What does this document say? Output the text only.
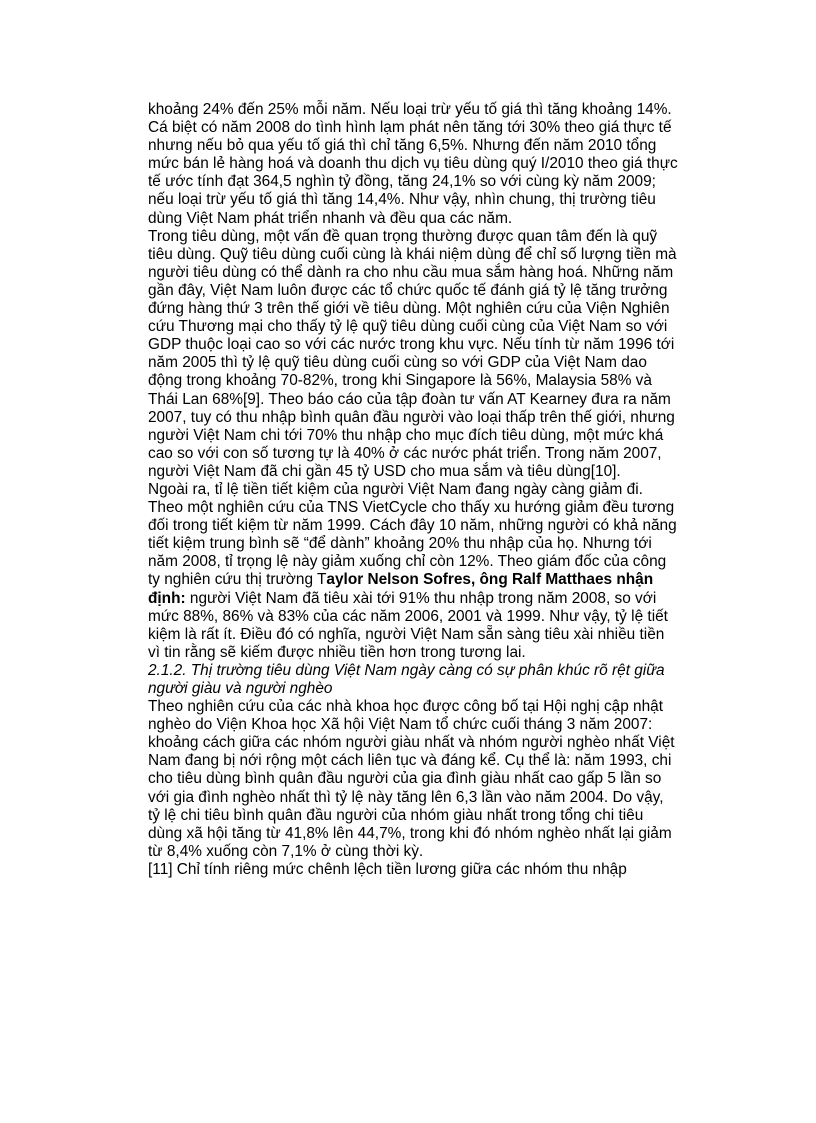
khoảng 24% đến 25% mỗi năm. Nếu loại trừ yếu tố giá thì tăng khoảng 14%. Cá biệt có năm 2008 do tình hình lạm phát nên tăng tới 30% theo giá thực tế nhưng nếu bỏ qua yếu tố giá thì chỉ tăng 6,5%. Nhưng đến năm 2010 tổng mức bán lẻ hàng hoá và doanh thu dịch vụ tiêu dùng quý I/2010 theo giá thực tế ước tính đạt 364,5 nghìn tỷ đồng, tăng 24,1% so với cùng kỳ năm 2009; nếu loại trừ yếu tố giá thì tăng 14,4%. Như vậy, nhìn chung, thị trường tiêu dùng Việt Nam phát triển nhanh và đều qua các năm.

Trong tiêu dùng, một vấn đề quan trọng thường được quan tâm đến là quỹ tiêu dùng. Quỹ tiêu dùng cuối cùng là khái niệm dùng để chỉ số lượng tiền mà người tiêu dùng có thể dành ra cho nhu cầu mua sắm hàng hoá. Những năm gần đây, Việt Nam luôn được các tổ chức quốc tế đánh giá tỷ lệ tăng trưởng đứng hàng thứ 3 trên thế giới về tiêu dùng. Một nghiên cứu của Viện Nghiên cứu Thương mại cho thấy tỷ lệ quỹ tiêu dùng cuối cùng của Việt Nam so với GDP thuộc loại cao so với các nước trong khu vực. Nếu tính từ năm 1996 tới năm 2005 thì tỷ lệ quỹ tiêu dùng cuối cùng so với GDP của Việt Nam dao động trong khoảng 70-82%, trong khi Singapore là 56%, Malaysia 58% và Thái Lan 68%[9]. Theo báo cáo của tập đoàn tư vấn AT Kearney đưa ra năm 2007, tuy có thu nhập bình quân đầu người vào loại thấp trên thế giới, nhưng người Việt Nam chi tới 70% thu nhập cho mục đích tiêu dùng, một mức khá cao so với con số tương tự là 40% ở các nước phát triển. Trong năm 2007, người Việt Nam đã chi gần 45 tỷ USD cho mua sắm và tiêu dùng[10].

Ngoài ra, tỉ lệ tiền tiết kiệm của người Việt Nam đang ngày càng giảm đi. Theo một nghiên cứu của TNS VietCycle cho thấy xu hướng giảm đều tương đối trong tiết kiệm từ năm 1999. Cách đây 10 năm, những người có khả năng tiết kiệm trung bình sẽ “để dành” khoảng 20% thu nhập của họ. Nhưng tới năm 2008, tỉ trọng lệ này giảm xuống chỉ còn 12%. Theo giám đốc của công ty nghiên cứu thị trường Taylor Nelson Sofres, ông Ralf Matthaes nhận định: người Việt Nam đã tiêu xài tới 91% thu nhập trong năm 2008, so với mức 88%, 86% và 83% của các năm 2006, 2001 và 1999. Như vậy, tỷ lệ tiết kiệm là rất ít. Điều đó có nghĩa, người Việt Nam sẵn sàng tiêu xài nhiều tiền vì tin rằng sẽ kiếm được nhiều tiền hơn trong tương lai.

2.1.2. Thị trường tiêu dùng Việt Nam ngày càng có sự phân khúc rõ rệt giữa người giàu và người nghèo

Theo nghiên cứu của các nhà khoa học được công bố tại Hội nghị cập nhật nghèo do Viện Khoa học Xã hội Việt Nam tổ chức cuối tháng 3 năm 2007: khoảng cách giữa các nhóm người giàu nhất và nhóm người nghèo nhất Việt Nam đang bị nới rộng một cách liên tục và đáng kể. Cụ thể là: năm 1993, chi cho tiêu dùng bình quân đầu người của gia đình giàu nhất cao gấp 5 lần so với gia đình nghèo nhất thì tỷ lệ này tăng lên 6,3 lần vào năm 2004. Do vậy, tỷ lệ chi tiêu bình quân đầu người của nhóm giàu nhất trong tổng chi tiêu dùng xã hội tăng từ 41,8% lên 44,7%, trong khi đó nhóm nghèo nhất lại giảm từ 8,4% xuống còn 7,1% ở cùng thời kỳ.

[11] Chỉ tính riêng mức chênh lệch tiền lương giữa các nhóm thu nhập
